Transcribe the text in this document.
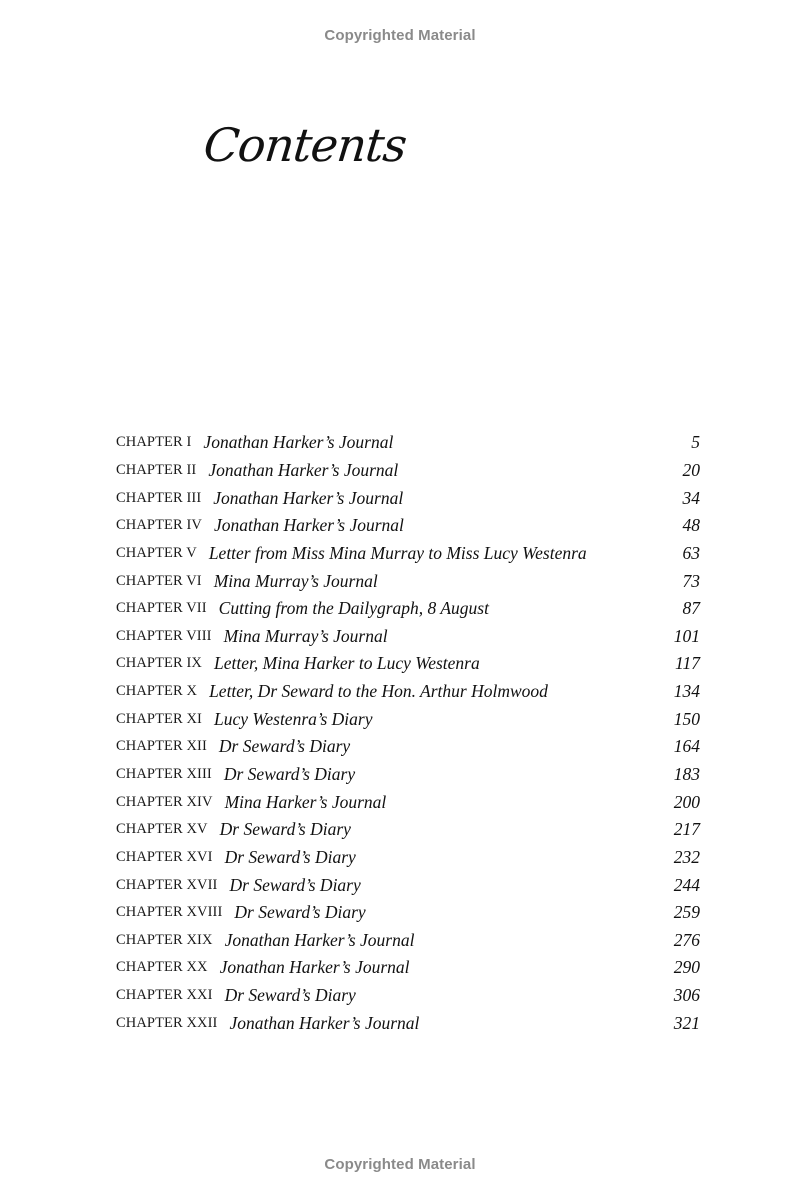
Copyrighted Material
Contents
CHAPTER I Jonathan Harker’s Journal	5
CHAPTER II Jonathan Harker’s Journal	20
CHAPTER III Jonathan Harker’s Journal	34
CHAPTER IV Jonathan Harker’s Journal	48
CHAPTER V Letter from Miss Mina Murray to Miss Lucy Westenra	63
CHAPTER VI Mina Murray’s Journal	73
CHAPTER VII Cutting from the Dailygraph, 8 August	87
CHAPTER VIII Mina Murray’s Journal	101
CHAPTER IX Letter, Mina Harker to Lucy Westenra	117
CHAPTER X Letter, Dr Seward to the Hon. Arthur Holmwood	134
CHAPTER XI Lucy Westenra’s Diary	150
CHAPTER XII Dr Seward’s Diary	164
CHAPTER XIII Dr Seward’s Diary	183
CHAPTER XIV Mina Harker’s Journal	200
CHAPTER XV Dr Seward’s Diary	217
CHAPTER XVI Dr Seward’s Diary	232
CHAPTER XVII Dr Seward’s Diary	244
CHAPTER XVIII Dr Seward’s Diary	259
CHAPTER XIX Jonathan Harker’s Journal	276
CHAPTER XX Jonathan Harker’s Journal	290
CHAPTER XXI Dr Seward’s Diary	306
CHAPTER XXII Jonathan Harker’s Journal	321
Copyrighted Material
